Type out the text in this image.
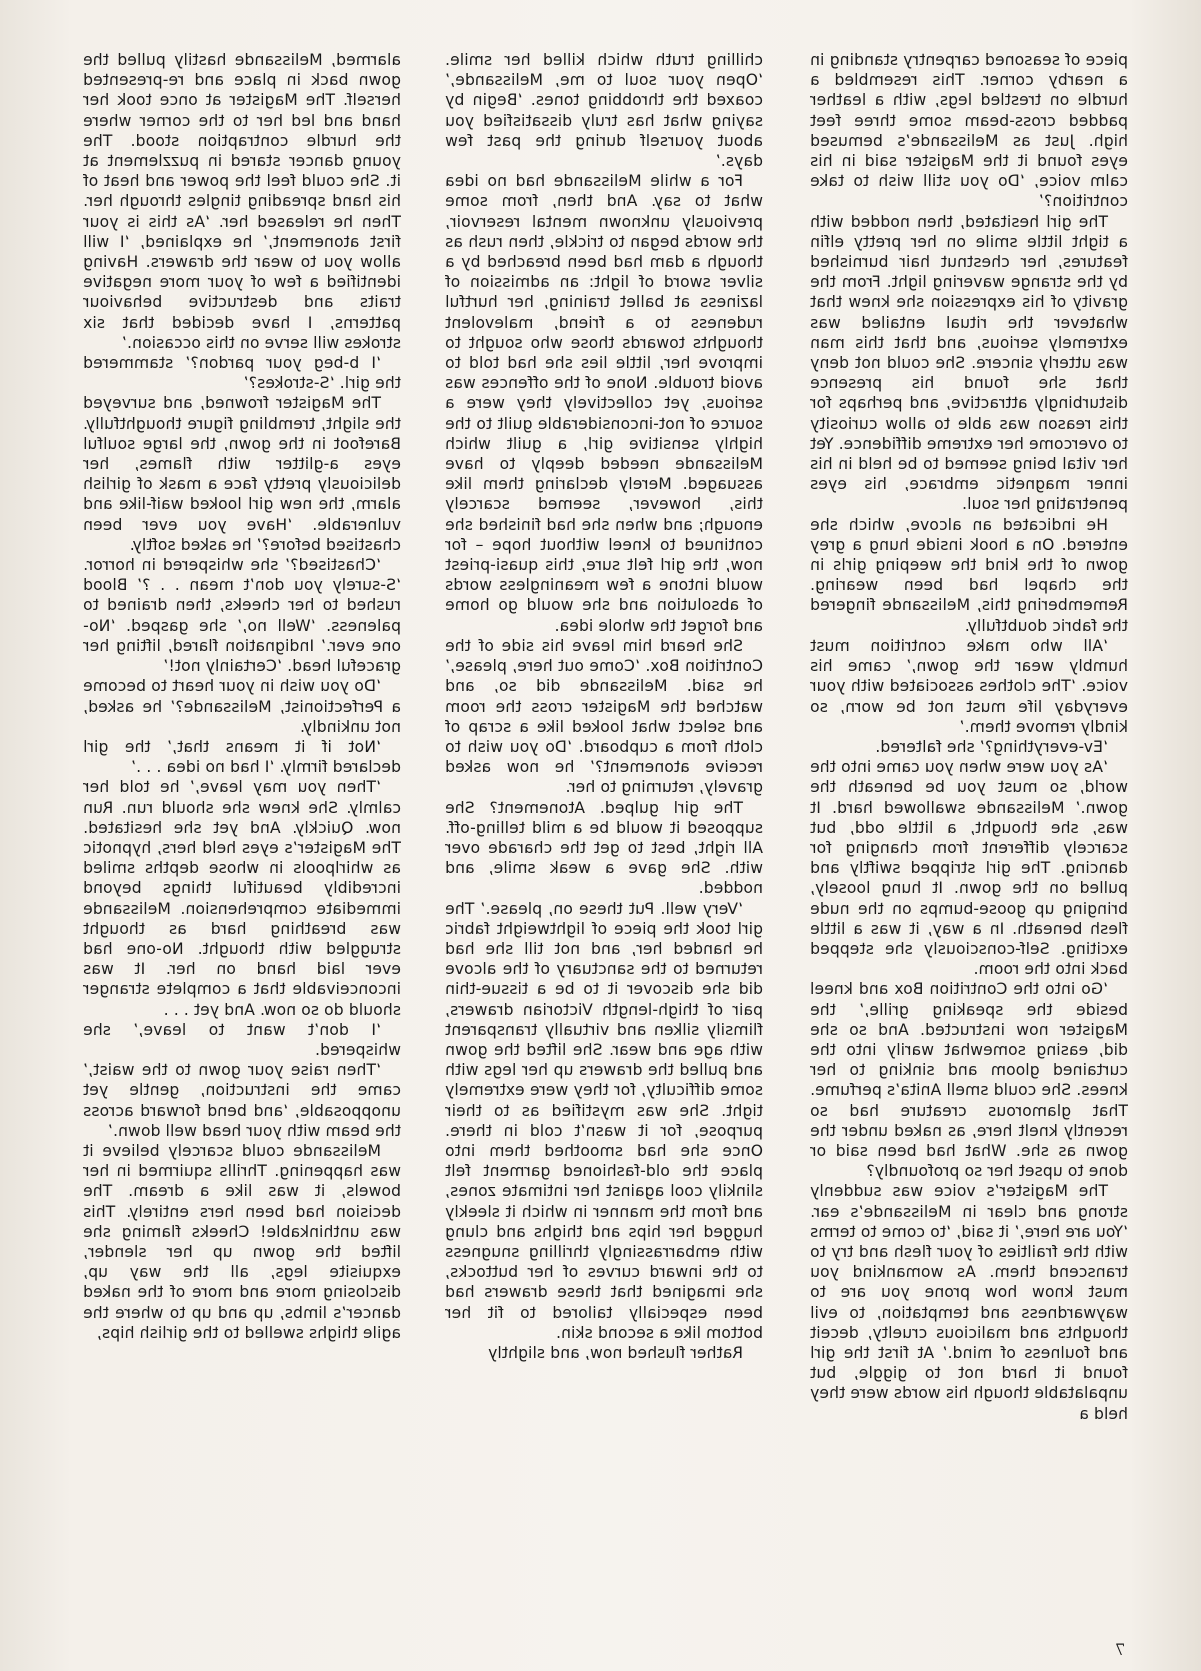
piece of seasoned carpentry standing in a nearby corner. This resembled a hurdle on trestled legs, with a leather padded cross-beam some three feet high. Just as Melissande’s bemused eyes found it the Magister said in his calm voice, ‘Do you still wish to take contrition?’

The girl hesitated, then nodded with a tight little smile on her pretty elfin features, her chestnut hair burnished by the strange wavering light. From the gravity of his expression she knew that whatever the ritual entailed was extremely serious, and that this man was utterly sincere. She could not deny that she found his presence disturbingly attractive, and perhaps for this reason was able to allow curiosity to overcome her extreme diffidence. Yet her vital being seemed to be held in his inner magnetic embrace, his eyes penetrating her soul.

He indicated an alcove, which she entered. On a hook inside hung a grey gown of the kind the weeping girls in the chapel had been wearing. Remembering this, Melissande fingered the fabric doubtfully.

‘All who make contrition must humbly wear the gown,’ came his voice. ‘The clothes associated with your everyday life must not be worn, so kindly remove them.’

‘Ev-everything?’ she faltered.

‘As you were when you came into the world, so must you be beneath the gown.’ Melissande swallowed hard. It was, she thought, a little odd, but scarcely different from changing for dancing. The girl stripped swiftly and pulled on the gown. It hung loosely, bringing up goose-bumps on the nude flesh beneath. In a way, it was a little exciting. Self-consciously she stepped back into the room.

‘Go into the Contrition Box and kneel beside the speaking grille,’ the Magister now instructed. And so she did, easing somewhat warily into the curtained gloom and sinking to her knees. She could smell Anita’s perfume. That glamorous creature had so recently knelt here, as naked under the gown as she. What had been said or done to upset her so profoundly?

The Magister’s voice was suddenly strong and clear in Melissande’s ear. ‘You are here,’ it said, ‘to come to terms with the frailties of your flesh and try to transcend them. As womankind you must know how prone you are to waywardness and temptation, to evil thoughts and malicious cruelty, deceit and foulness of mind.’ At first the girl found it hard not to giggle, but unpalatable though his words were they held a

chilling truth which killed her smile. ‘Open your soul to me, Melissande,’ coaxed the throbbing tones. ‘Begin by saying what has truly dissatisfied you about yourself during the past few days.’

For a while Melissande had no idea what to say. And then, from some previously unknown mental reservoir, the words began to trickle, then rush as though a dam had been breached by a silver sword of light: an admission of laziness at ballet training, her hurtful rudeness to a friend, malevolent thoughts towards those who sought to improve her, little lies she had told to avoid trouble. None of the offences was serious, yet collectively they were a source of not-inconsiderable guilt to the highly sensitive girl, a guilt which Melissande needed deeply to have assuaged. Merely declaring them like this, however, seemed scarcely enough; and when she had finished she continued to kneel without hope – for now, the girl felt sure, this quasi-priest would intone a few meaningless words of absolution and she would go home and forget the whole idea.

She heard him leave his side of the Contrition Box. ‘Come out here, please,’ he said. Melissande did so, and watched the Magister cross the room and select what looked like a scrap of cloth from a cupboard. ‘Do you wish to receive atonement?’ he now asked gravely, returning to her.

The girl gulped. Atonement? She supposed it would be a mild telling-off. All right, best to get the charade over with. She gave a weak smile, and nodded.

‘Very well. Put these on, please.’ The girl took the piece of lightweight fabric he handed her, and not till she had returned to the sanctuary of the alcove did she discover it to be a tissue-thin pair of thigh-length Victorian drawers, flimsily silken and virtually transparent with age and wear. She lifted the gown and pulled the drawers up her legs with some difficulty, for they were extremely tight. She was mystified as to their purpose, for it wasn’t cold in there. Once she had smoothed them into place the old-fashioned garment felt slinkily cool against her intimate zones, and from the manner in which it sleekly hugged her hips and thighs and clung with embarrassingly thrilling snugness to the inward curves of her buttocks, she imagined that these drawers had been especially tailored to fit her bottom like a second skin.

Rather flushed now, and slightly

alarmed, Melissande hastily pulled the gown back in place and re-presented herself. The Magister at once took her hand and led her to the corner where the hurdle contraption stood. The young dancer stared in puzzlement at it. She could feel the power and heat of his hand spreading tingles through her. Then he released her. ‘As this is your first atonement,’ he explained, ‘I will allow you to wear the drawers. Having identified a few of your more negative traits and destructive behaviour patterns, I have decided that six strokes will serve on this occasion.’

‘I b-beg your pardon?’ stammered the girl. ‘S-strokes?’

The Magister frowned, and surveyed the slight, trembling figure thoughtfully. Barefoot in the gown, the large soulful eyes a-glitter with flames, her deliciously pretty face a mask of girlish alarm, the new girl looked waif-like and vulnerable. ‘Have you ever been chastised before?’ he asked softly.

‘Chastised?’ she whispered in horror. ‘S-surely you don’t mean . . ?’ Blood rushed to her cheeks, then drained to paleness. ‘Well no,’ she gasped. ‘No-one ever.’ Indignation flared, lifting her graceful head. ‘Certainly not!’

‘Do you wish in your heart to become a Perfectionist, Melissande?’ he asked, not unkindly.

‘Not if it means that,’ the girl declared firmly. ‘I had no idea . . .’

‘Then you may leave,’ he told her calmly. She knew she should run. Run now. Quickly. And yet she hesitated. The Magister’s eyes held hers, hypnotic as whirlpools in whose depths smiled incredibly beautiful things beyond immediate comprehension. Melissande was breathing hard as thought struggled with thought. No-one had ever laid hand on her. It was inconceivable that a complete stranger should do so now. And yet . . .

‘I don’t want to leave,’ she whispered.

‘Then raise your gown to the waist,’ came the instruction, gentle yet unopposable, ‘and bend forward across the beam with your head well down.’

Melissande could scarcely believe it was happening. Thrills squirmed in her bowels, it was like a dream. The decision had been hers entirely. This was unthinkable! Cheeks flaming she lifted the gown up her slender, exquisite legs, all the way up, disclosing more and more of the naked dancer’s limbs, up and up to where the agile thighs swelled to the girlish hips,

7
